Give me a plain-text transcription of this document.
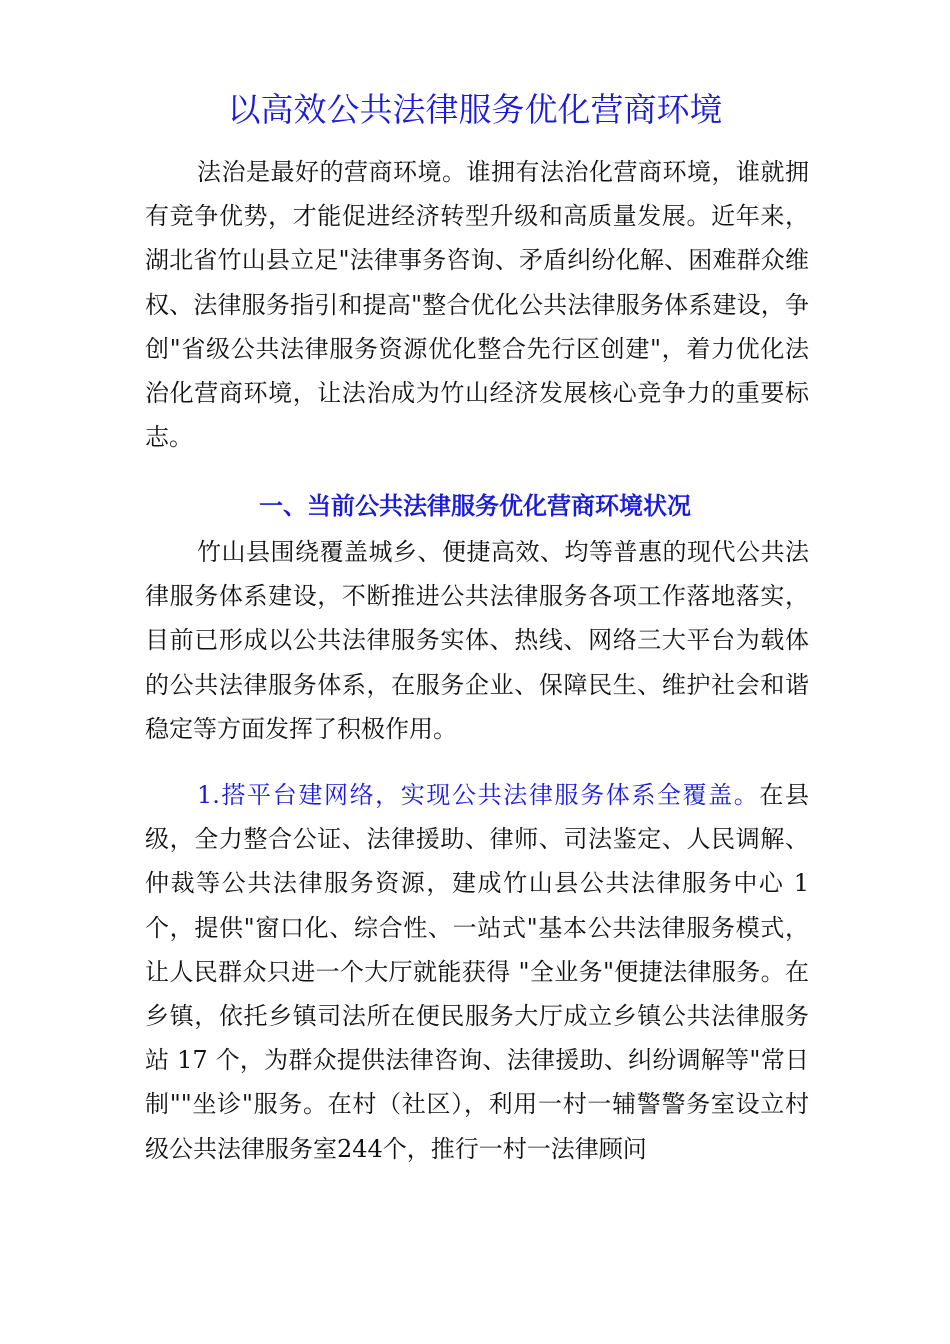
以高效公共法律服务优化营商环境

法治是最好的营商环境。谁拥有法治化营商环境，谁就拥有竞争优势，才能促进经济转型升级和高质量发展。近年来，湖北省竹山县立足"法律事务咨询、矛盾纠纷化解、困难群众维权、法律服务指引和提高"整合优化公共法律服务体系建设，争创"省级公共法律服务资源优化整合先行区创建"，着力优化法治化营商环境，让法治成为竹山经济发展核心竞争力的重要标志。

一、当前公共法律服务优化营商环境状况

竹山县围绕覆盖城乡、便捷高效、均等普惠的现代公共法律服务体系建设，不断推进公共法律服务各项工作落地落实，目前已形成以公共法律服务实体、热线、网络三大平台为载体的公共法律服务体系，在服务企业、保障民生、维护社会和谐稳定等方面发挥了积极作用。

1.搭平台建网络，实现公共法律服务体系全覆盖。在县级，全力整合公证、法律援助、律师、司法鉴定、人民调解、仲裁等公共法律服务资源，建成竹山县公共法律服务中心 1 个，提供"窗口化、综合性、一站式"基本公共法律服务模式，让人民群众只进一个大厅就能获得 "全业务"便捷法律服务。在乡镇，依托乡镇司法所在便民服务大厅成立乡镇公共法律服务站 17 个，为群众提供法律咨询、法律援助、纠纷调解等"常日制""坐诊"服务。在村（社区），利用一村一辅警警务室设立村级公共法律服务室244个，推行一村一法律顾问
